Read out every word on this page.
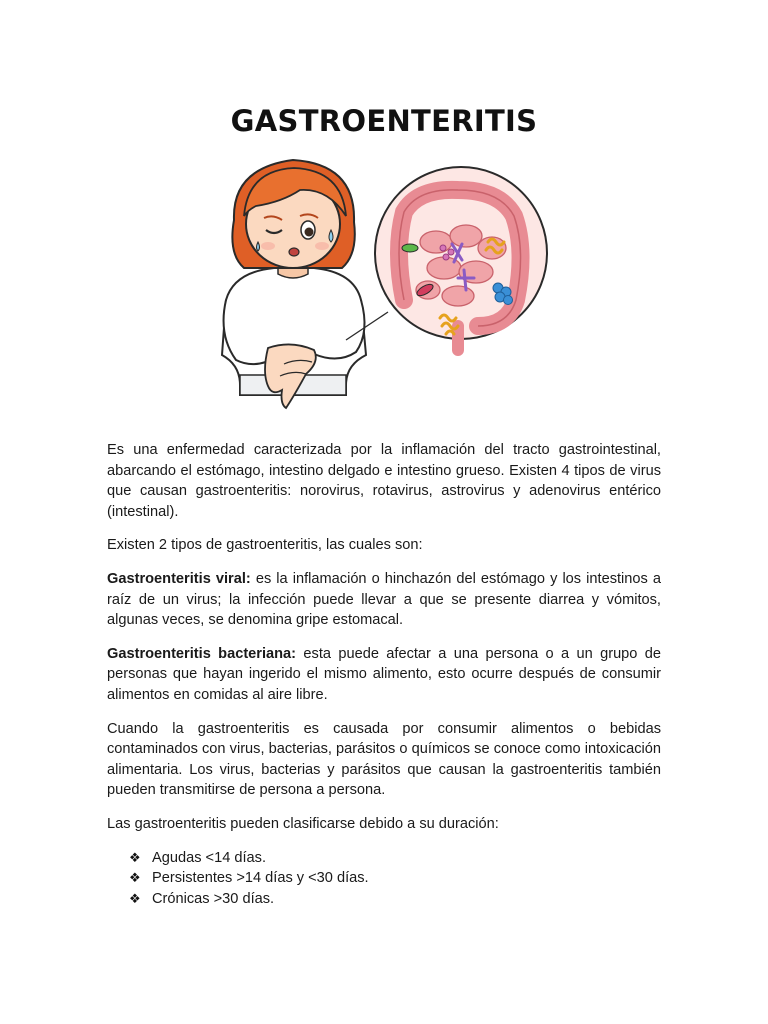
GASTROENTERITIS

Es una enfermedad caracterizada por la inflamación del tracto gastrointestinal, abarcando el estómago, intestino delgado e intestino grueso. Existen 4 tipos de virus que causan gastroenteritis: norovirus, rotavirus, astrovirus y adenovirus entérico (intestinal).

Existen 2 tipos de gastroenteritis, las cuales son:

Gastroenteritis viral: es la inflamación o hinchazón del estómago y los intestinos a raíz de un virus; la infección puede llevar a que se presente diarrea y vómitos, algunas veces, se denomina gripe estomacal.

Gastroenteritis bacteriana: esta puede afectar a una persona o a un grupo de personas que hayan ingerido el mismo alimento, esto ocurre después de consumir alimentos en comidas al aire libre.

Cuando la gastroenteritis es causada por consumir alimentos o bebidas contaminados con virus, bacterias, parásitos o químicos se conoce como intoxicación alimentaria. Los virus, bacterias y parásitos que causan la gastroenteritis también pueden transmitirse de persona a persona.

Las gastroenteritis pueden clasificarse debido a su duración:

❖ Agudas <14 días.
❖ Persistentes >14 días y <30 días.
❖ Crónicas >30 días.
